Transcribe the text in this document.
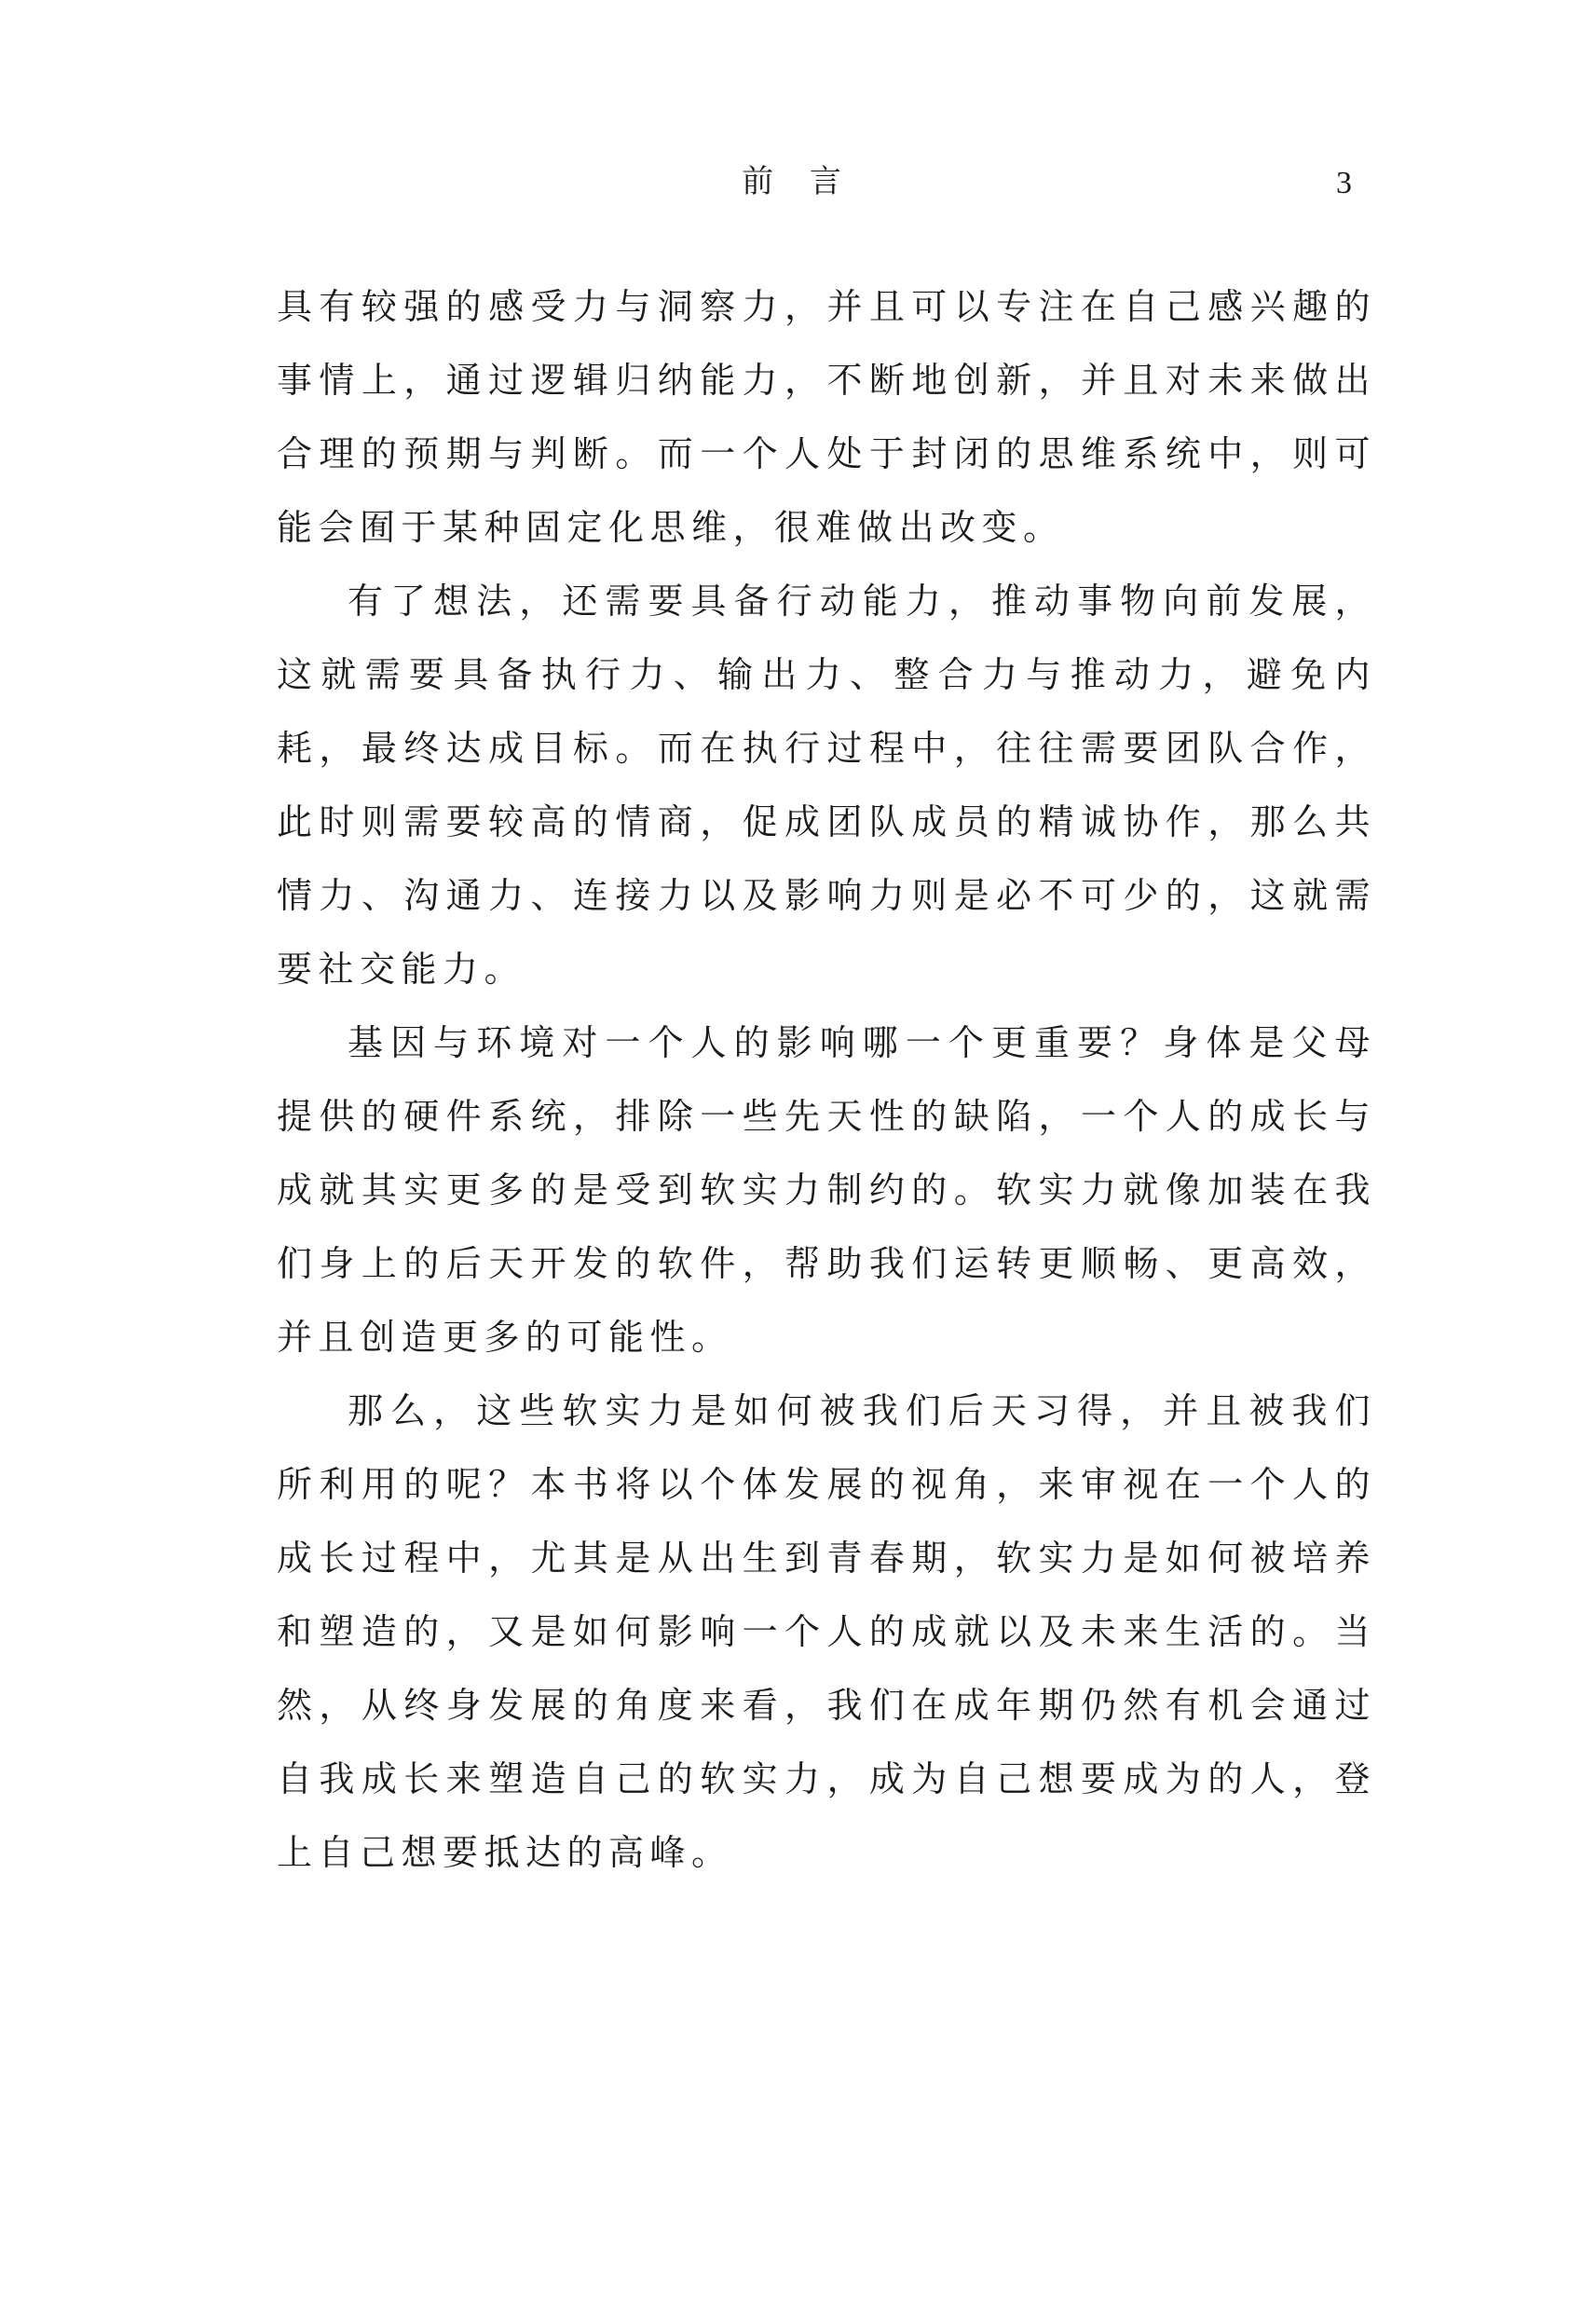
前 言	3

具有较强的感受力与洞察力，并且可以专注在自己感兴趣的事情上，通过逻辑归纳能力，不断地创新，并且对未来做出合理的预期与判断。而一个人处于封闭的思维系统中，则可能会囿于某种固定化思维，很难做出改变。

有了想法，还需要具备行动能力，推动事物向前发展，这就需要具备执行力、输出力、整合力与推动力，避免内耗，最终达成目标。而在执行过程中，往往需要团队合作，此时则需要较高的情商，促成团队成员的精诚协作，那么共情力、沟通力、连接力以及影响力则是必不可少的，这就需要社交能力。

基因与环境对一个人的影响哪一个更重要？身体是父母提供的硬件系统，排除一些先天性的缺陷，一个人的成长与成就其实更多的是受到软实力制约的。软实力就像加装在我们身上的后天开发的软件，帮助我们运转更顺畅、更高效，并且创造更多的可能性。

那么，这些软实力是如何被我们后天习得，并且被我们所利用的呢？本书将以个体发展的视角，来审视在一个人的成长过程中，尤其是从出生到青春期，软实力是如何被培养和塑造的，又是如何影响一个人的成就以及未来生活的。当然，从终身发展的角度来看，我们在成年期仍然有机会通过自我成长来塑造自己的软实力，成为自己想要成为的人，登上自己想要抵达的高峰。
